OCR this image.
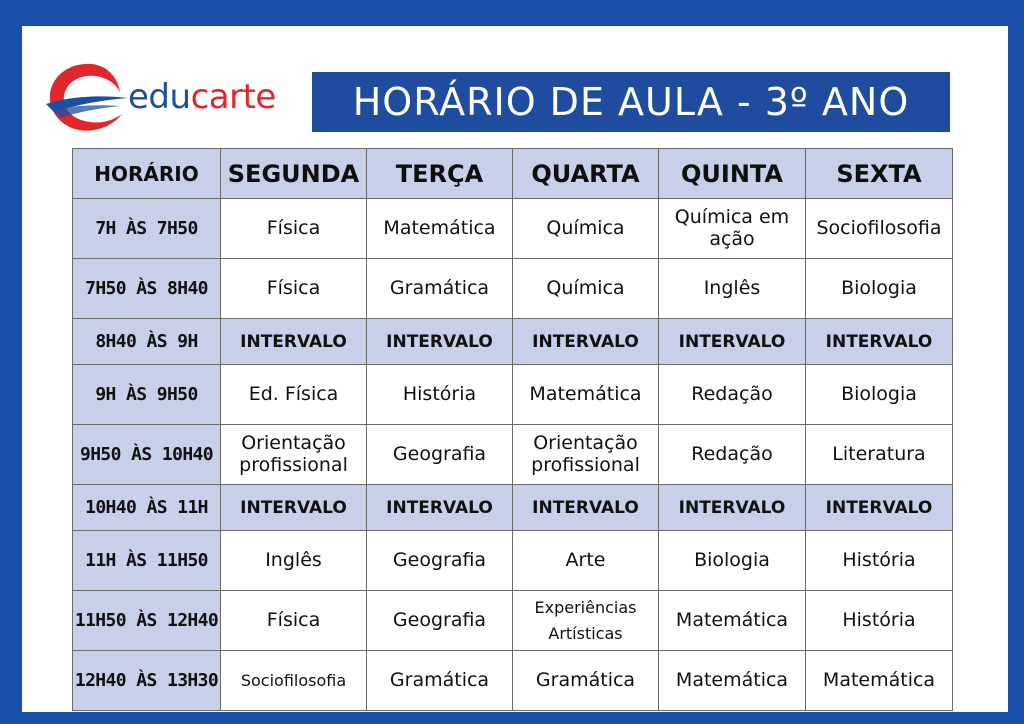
educarte	HORÁRIO DE AULA - 3º ANO
HORÁRIO	SEGUNDA	TERÇA	QUARTA	QUINTA	SEXTA
7H ÀS 7H50	Física	Matemática	Química	Química em ação	Sociofilosofia
7H50 ÀS 8H40	Física	Gramática	Química	Inglês	Biologia
8H40 ÀS 9H	INTERVALO	INTERVALO	INTERVALO	INTERVALO	INTERVALO
9H ÀS 9H50	Ed. Física	História	Matemática	Redação	Biologia
9H50 ÀS 10H40	Orientação profissional	Geografia	Orientação profissional	Redação	Literatura
10H40 ÀS 11H	INTERVALO	INTERVALO	INTERVALO	INTERVALO	INTERVALO
11H ÀS 11H50	Inglês	Geografia	Arte	Biologia	História
11H50 ÀS 12H40	Física	Geografia	Experiências Artísticas	Matemática	História
12H40 ÀS 13H30	Sociofilosofia	Gramática	Gramática	Matemática	Matemática
